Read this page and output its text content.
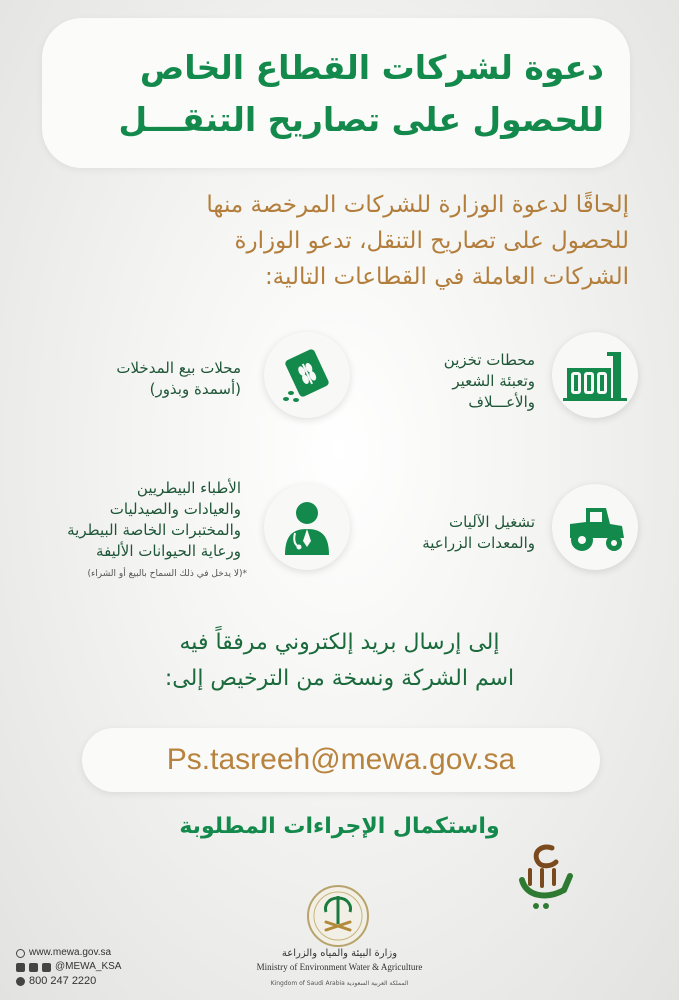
دعوة لشركات القطاع الخاص
للحصول على تصاريح التنقـــل
إلحاقًا لدعوة الوزارة للشركات المرخصة منها
للحصول على تصاريح التنقل، تدعو الوزارة
الشركات العاملة في القطاعات التالية:
محطات تخزين
وتعبئة الشعير
والأعـــلاف
محلات بيع المدخلات
(أسمدة وبذور)
تشغيل الآليات
والمعدات الزراعية
الأطباء البيطريين
والعيادات والصيدليات
والمختبرات الخاصة البيطرية
ورعاية الحيوانات الأليفة
*(لا يدخل في ذلك السماح بالبيع أو الشراء)
إلى إرسال بريد إلكتروني مرفقاً فيه
اسم الشركة ونسخة من الترخيص إلى:
Ps.tasreeh@mewa.gov.sa
واستكمال الإجراءات المطلوبة
www.mewa.gov.sa
@MEWA_KSA
800 247 2220
وزارة البيئة والمياه والزراعة
Ministry of Environment Water & Agriculture
Kingdom of Saudi Arabia المملكة العربية السعودية
